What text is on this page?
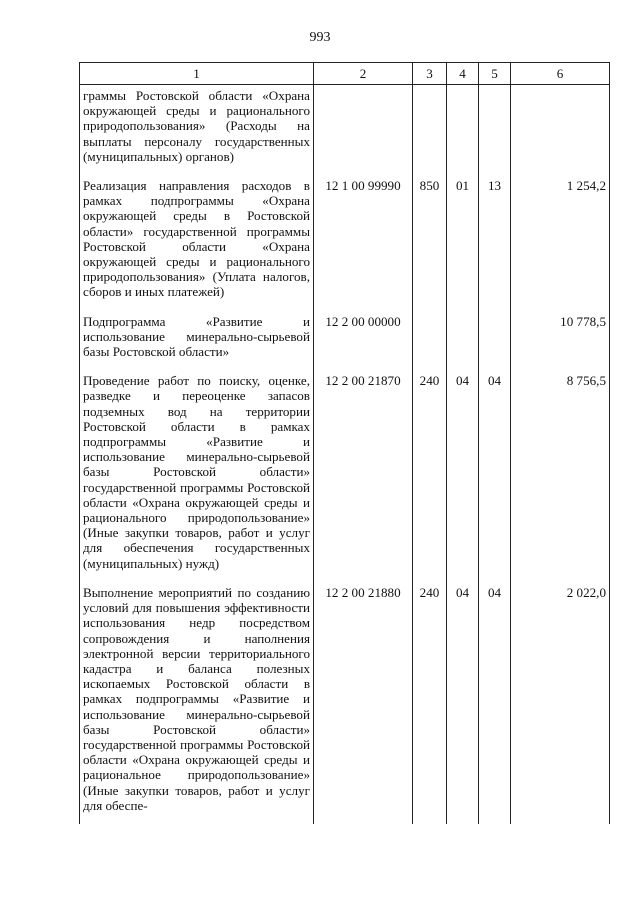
993
1	2	3	4	5	6
граммы Ростовской области «Охрана окружающей среды и рационального природопользования» (Расходы на выплаты персоналу государственных (муниципальных) органов)					
Реализация направления расходов в рамках подпрограммы «Охрана окружающей среды в Ростовской области» государственной программы Ростовской области «Охрана окружающей среды и рационального природопользования» (Уплата налогов, сборов и иных платежей)	12 1 00 99990	850	01	13	1 254,2
Подпрограмма «Развитие и использование минерально-сырьевой базы Ростовской области»	12 2 00 00000				10 778,5
Проведение работ по поиску, оценке, разведке и переоценке запасов подземных вод на территории Ростовской области в рамках подпрограммы «Развитие и использование минерально-сырьевой базы Ростовской области» государственной программы Ростовской области «Охрана окружающей среды и рационального природопользование» (Иные закупки товаров, работ и услуг для обеспечения государственных (муниципальных) нужд)	12 2 00 21870	240	04	04	8 756,5
Выполнение мероприятий по созданию условий для повышения эффективности использования недр посредством сопровождения и наполнения электронной версии территориального кадастра и баланса полезных ископаемых Ростовской области в рамках подпрограммы «Развитие и использование минерально-сырьевой базы Ростовской области» государственной программы Ростовской области «Охрана окружающей среды и рациональное природопользование» (Иные закупки товаров, работ и услуг для обеспе-	12 2 00 21880	240	04	04	2 022,0
